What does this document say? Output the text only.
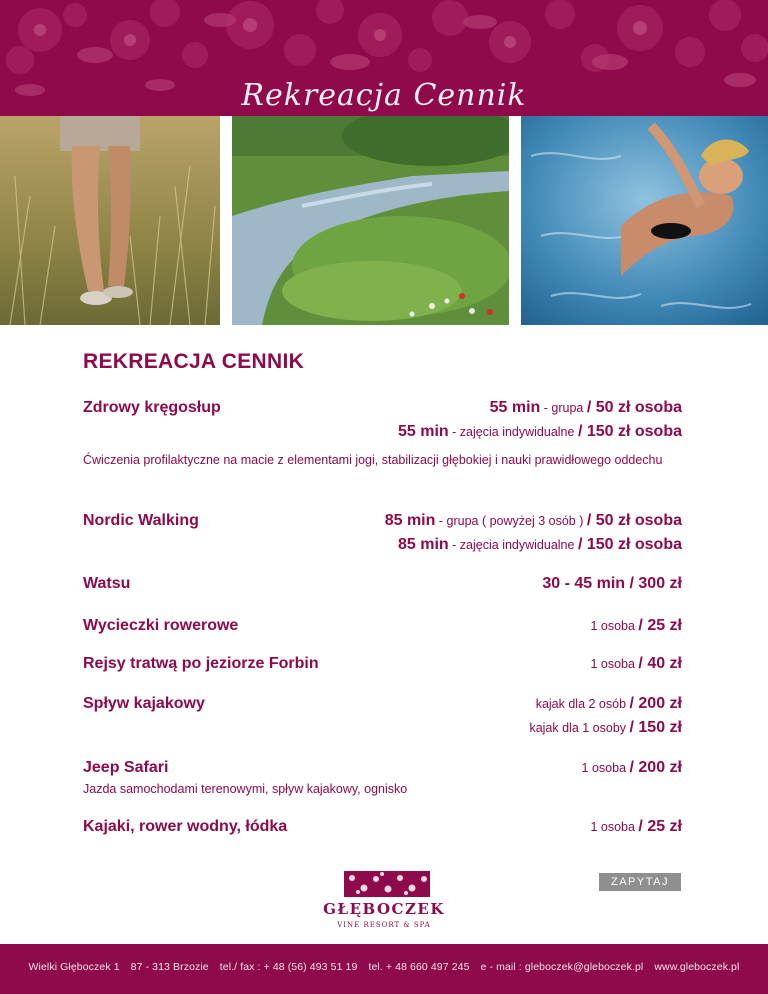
Rekreacja Cennik
REKREACJA CENNIK
Zdrowy kręgosłup	55 min - grupa / 50 zł osoba
55 min - zajęcia indywidualne / 150 zł osoba
Ćwiczenia profilaktyczne na macie z elementami jogi, stabilizacji głębokiej i nauki prawidłowego oddechu
Nordic Walking	85 min - grupa ( powyżej 3 osób ) / 50 zł osoba
85 min - zajęcia indywidualne / 150 zł osoba
Watsu	30 - 45 min / 300 zł
Wycieczki rowerowe	1 osoba / 25 zł
Rejsy tratwą po jeziorze Forbin	1 osoba / 40 zł
Spływ kajakowy	kajak dla 2 osób / 200 zł
kajak dla 1 osoby / 150 zł
Jeep Safari	1 osoba / 200 zł
Jazda samochodami terenowymi, spływ kajakowy, ognisko
Kajaki, rower wodny, łódka	1 osoba / 25 zł
ZAPYTAJ
GŁĘBOCZEK
VINE RESORT & SPA
Wielki Głęboczek 1 87 - 313 Brzozie tel./ fax : + 48 (56) 493 51 19 tel. + 48 660 497 245 e - mail : gleboczek@gleboczek.pl www.gleboczek.pl
